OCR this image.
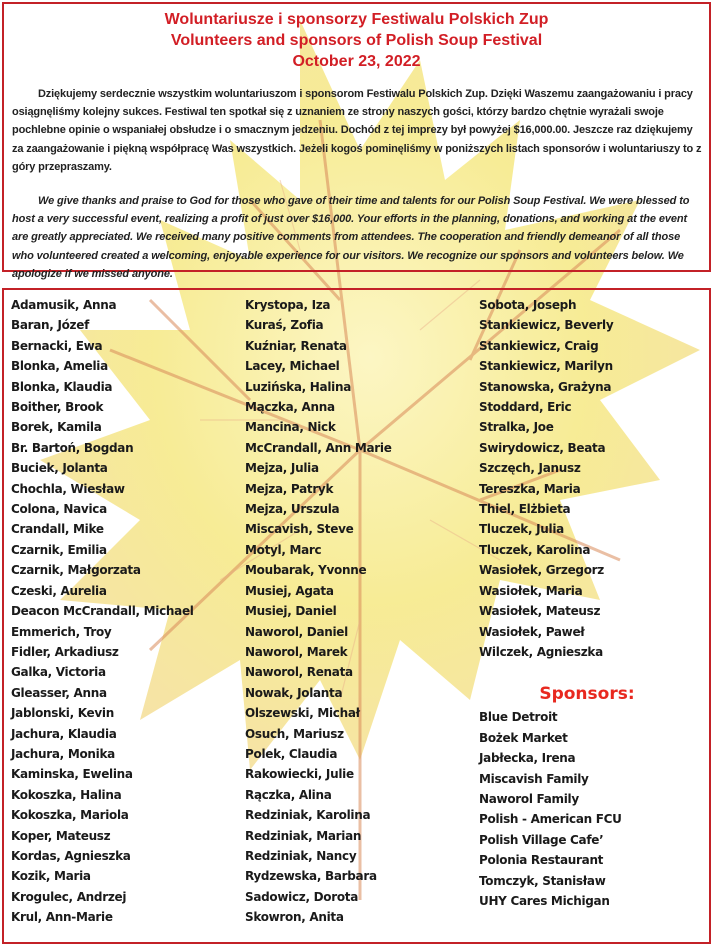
Woluntariusze i sponsorzy Festiwalu Polskich Zup
Volunteers and sponsors of Polish Soup Festival
October 23, 2022

Dziękujemy serdecznie wszystkim woluntariuszom i sponsorom Festiwalu Polskich Zup. Dzięki Waszemu zaangażowaniu i pracy osiągnęliśmy kolejny sukces. Festiwal ten spotkał się z uznaniem ze strony naszych gości, którzy bardzo chętnie wyrażali swoje pochlebne opinie o wspaniałej obsłudze i o smacznym jedzeniu. Dochód z tej imprezy był powyżej $16,000.00. Jeszcze raz dziękujemy za zaangażowanie i piękną współpracę Was wszystkich. Jeżeli kogoś pominęliśmy w poniższych listach sponsorów i woluntariuszy to z góry przepraszamy.

We give thanks and praise to God for those who gave of their time and talents for our Polish Soup Festival. We were blessed to host a very successful event, realizing a profit of just over $16,000. Your efforts in the planning, donations, and working at the event are greatly appreciated. We received many positive comments from attendees. The cooperation and friendly demeanor of all those who volunteered created a welcoming, enjoyable experience for our visitors. We recognize our sponsors and volunteers below. We apologize if we missed anyone.

Adamusik, Anna
Baran, Józef
Bernacki, Ewa
Blonka, Amelia
Blonka, Klaudia
Boither, Brook
Borek, Kamila
Br. Bartoń, Bogdan
Buciek, Jolanta
Chochla, Wiesław
Colona, Navica
Crandall, Mike
Czarnik, Emilia
Czarnik, Małgorzata
Czeski, Aurelia
Deacon McCrandall, Michael
Emmerich, Troy
Fidler, Arkadiusz
Galka, Victoria
Gleasser, Anna
Jablonski, Kevin
Jachura, Klaudia
Jachura, Monika
Kaminska, Ewelina
Kokoszka, Halina
Kokoszka, Mariola
Koper, Mateusz
Kordas, Agnieszka
Kozik, Maria
Krogulec, Andrzej
Krul, Ann-Marie
Krystopa, Iza
Kuraś, Zofia
Kuźniar, Renata
Lacey, Michael
Luzińska, Halina
Mączka, Anna
Mancina, Nick
McCrandall, Ann Marie
Mejza, Julia
Mejza, Patryk
Mejza, Urszula
Miscavish, Steve
Motyl, Marc
Moubarak, Yvonne
Musiej, Agata
Musiej, Daniel
Naworol, Daniel
Naworol, Marek
Naworol, Renata
Nowak, Jolanta
Olszewski, Michał
Osuch, Mariusz
Polek, Claudia
Rakowiecki, Julie
Rączka, Alina
Redziniak, Karolina
Redziniak, Marian
Redziniak, Nancy
Rydzewska, Barbara
Sadowicz, Dorota
Skowron, Anita
Sobota, Joseph
Stankiewicz, Beverly
Stankiewicz, Craig
Stankiewicz, Marilyn
Stanowska, Grażyna
Stoddard, Eric
Stralka, Joe
Swirydowicz, Beata
Szczęch, Janusz
Tereszka, Maria
Thiel, Elżbieta
Tluczek, Julia
Tluczek, Karolina
Wasiołek, Grzegorz
Wasiołek, Maria
Wasiołek, Mateusz
Wasiołek, Paweł
Wilczek, Agnieszka
Sponsors:
Blue Detroit
Bożek Market
Jabłecka, Irena
Miscavish Family
Naworol Family
Polish - American FCU
Polish Village Cafe’
Polonia Restaurant
Tomczyk, Stanisław
UHY Cares Michigan
